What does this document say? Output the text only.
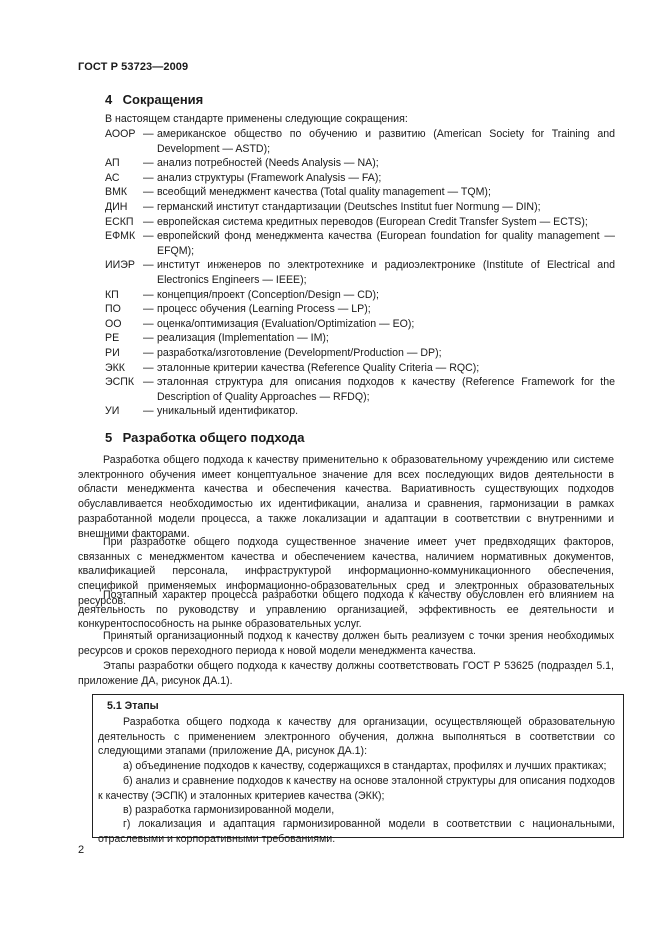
ГОСТ Р 53723—2009
4 Сокращения

В настоящем стандарте применены следующие сокращения:

АООР — американское общество по обучению и развитию (American Society for Training and Development — ASTD);
АП	— анализ потребностей (Needs Analysis — NA);
АС	— анализ структуры (Framework Analysis — FA);
ВМК	— всеобщий менеджмент качества (Total quality management — TQM);
ДИН	— германский институт стандартизации (Deutsches Institut fuer Normung — DIN);
ЕСКП — европейская система кредитных переводов (European Credit Transfer System — ECTS);
ЕФМК — европейский фонд менеджмента качества (European foundation for quality management — EFQM);
ИИЭР — институт инженеров по электротехнике и радиоэлектронике (Institute of Electrical and Electronics Engineers — IEEE);
КП	— концепция/проект (Conception/Design — CD);
ПО	— процесс обучения (Learning Process — LP);
ОО	— оценка/оптимизация (Evaluation/Optimization — EO);
РЕ	— реализация (Implementation — IM);
РИ	— разработка/изготовление (Development/Production — DP);
ЭКК	— эталонные критерии качества (Reference Quality Criteria — RQC);
ЭСПК — эталонная структура для описания подходов к качеству (Reference Framework for the Description of Quality Approaches — RFDQ);
УИ	— уникальный идентификатор.
5 Разработка общего подхода

Разработка общего подхода к качеству применительно к образовательному учреждению или системе электронного обучения имеет концептуальное значение для всех последующих видов деятельности в области менеджмента качества и обеспечения качества. Вариативность существующих подходов обуславливается необходимостью их идентификации, анализа и сравнения, гармонизации в рамках разработанной модели процесса, а также локализации и адаптации в соответствии с внутренними и внешними факторами.

При разработке общего подхода существенное значение имеет учет предвходящих факторов, связанных с менеджментом качества и обеспечением качества, наличием нормативных документов, квалификацией персонала, инфраструктурой информационно-коммуникационного обеспечения, спецификой применяемых информационно-образовательных сред и электронных образовательных ресурсов.

Поэтапный характер процесса разработки общего подхода к качеству обусловлен его влиянием на деятельность по руководству и управлению организацией, эффективность ее деятельности и конкурентоспособность на рынке образовательных услуг.

Принятый организационный подход к качеству должен быть реализуем с точки зрения необходимых ресурсов и сроков переходного периода к новой модели менеджмента качества.

Этапы разработки общего подхода к качеству должны соответствовать ГОСТ Р 53625 (подраздел 5.1, приложение ДА, рисунок ДА.1).

5.1 Этапы

Разработка общего подхода к качеству для организации, осуществляющей образовательную деятельность с применением электронного обучения, должна выполняться в соответствии со следующими этапами (приложение ДА, рисунок ДА.1):

а) объединение подходов к качеству, содержащихся в стандартах, профилях и лучших практиках;

б) анализ и сравнение подходов к качеству на основе эталонной структуры для описания подходов к качеству (ЭСПК) и эталонных критериев качества (ЭКК);

в) разработка гармонизированной модели,

г) локализация и адаптация гармонизированной модели в соответствии с национальными, отраслевыми и корпоративными требованиями.

2
